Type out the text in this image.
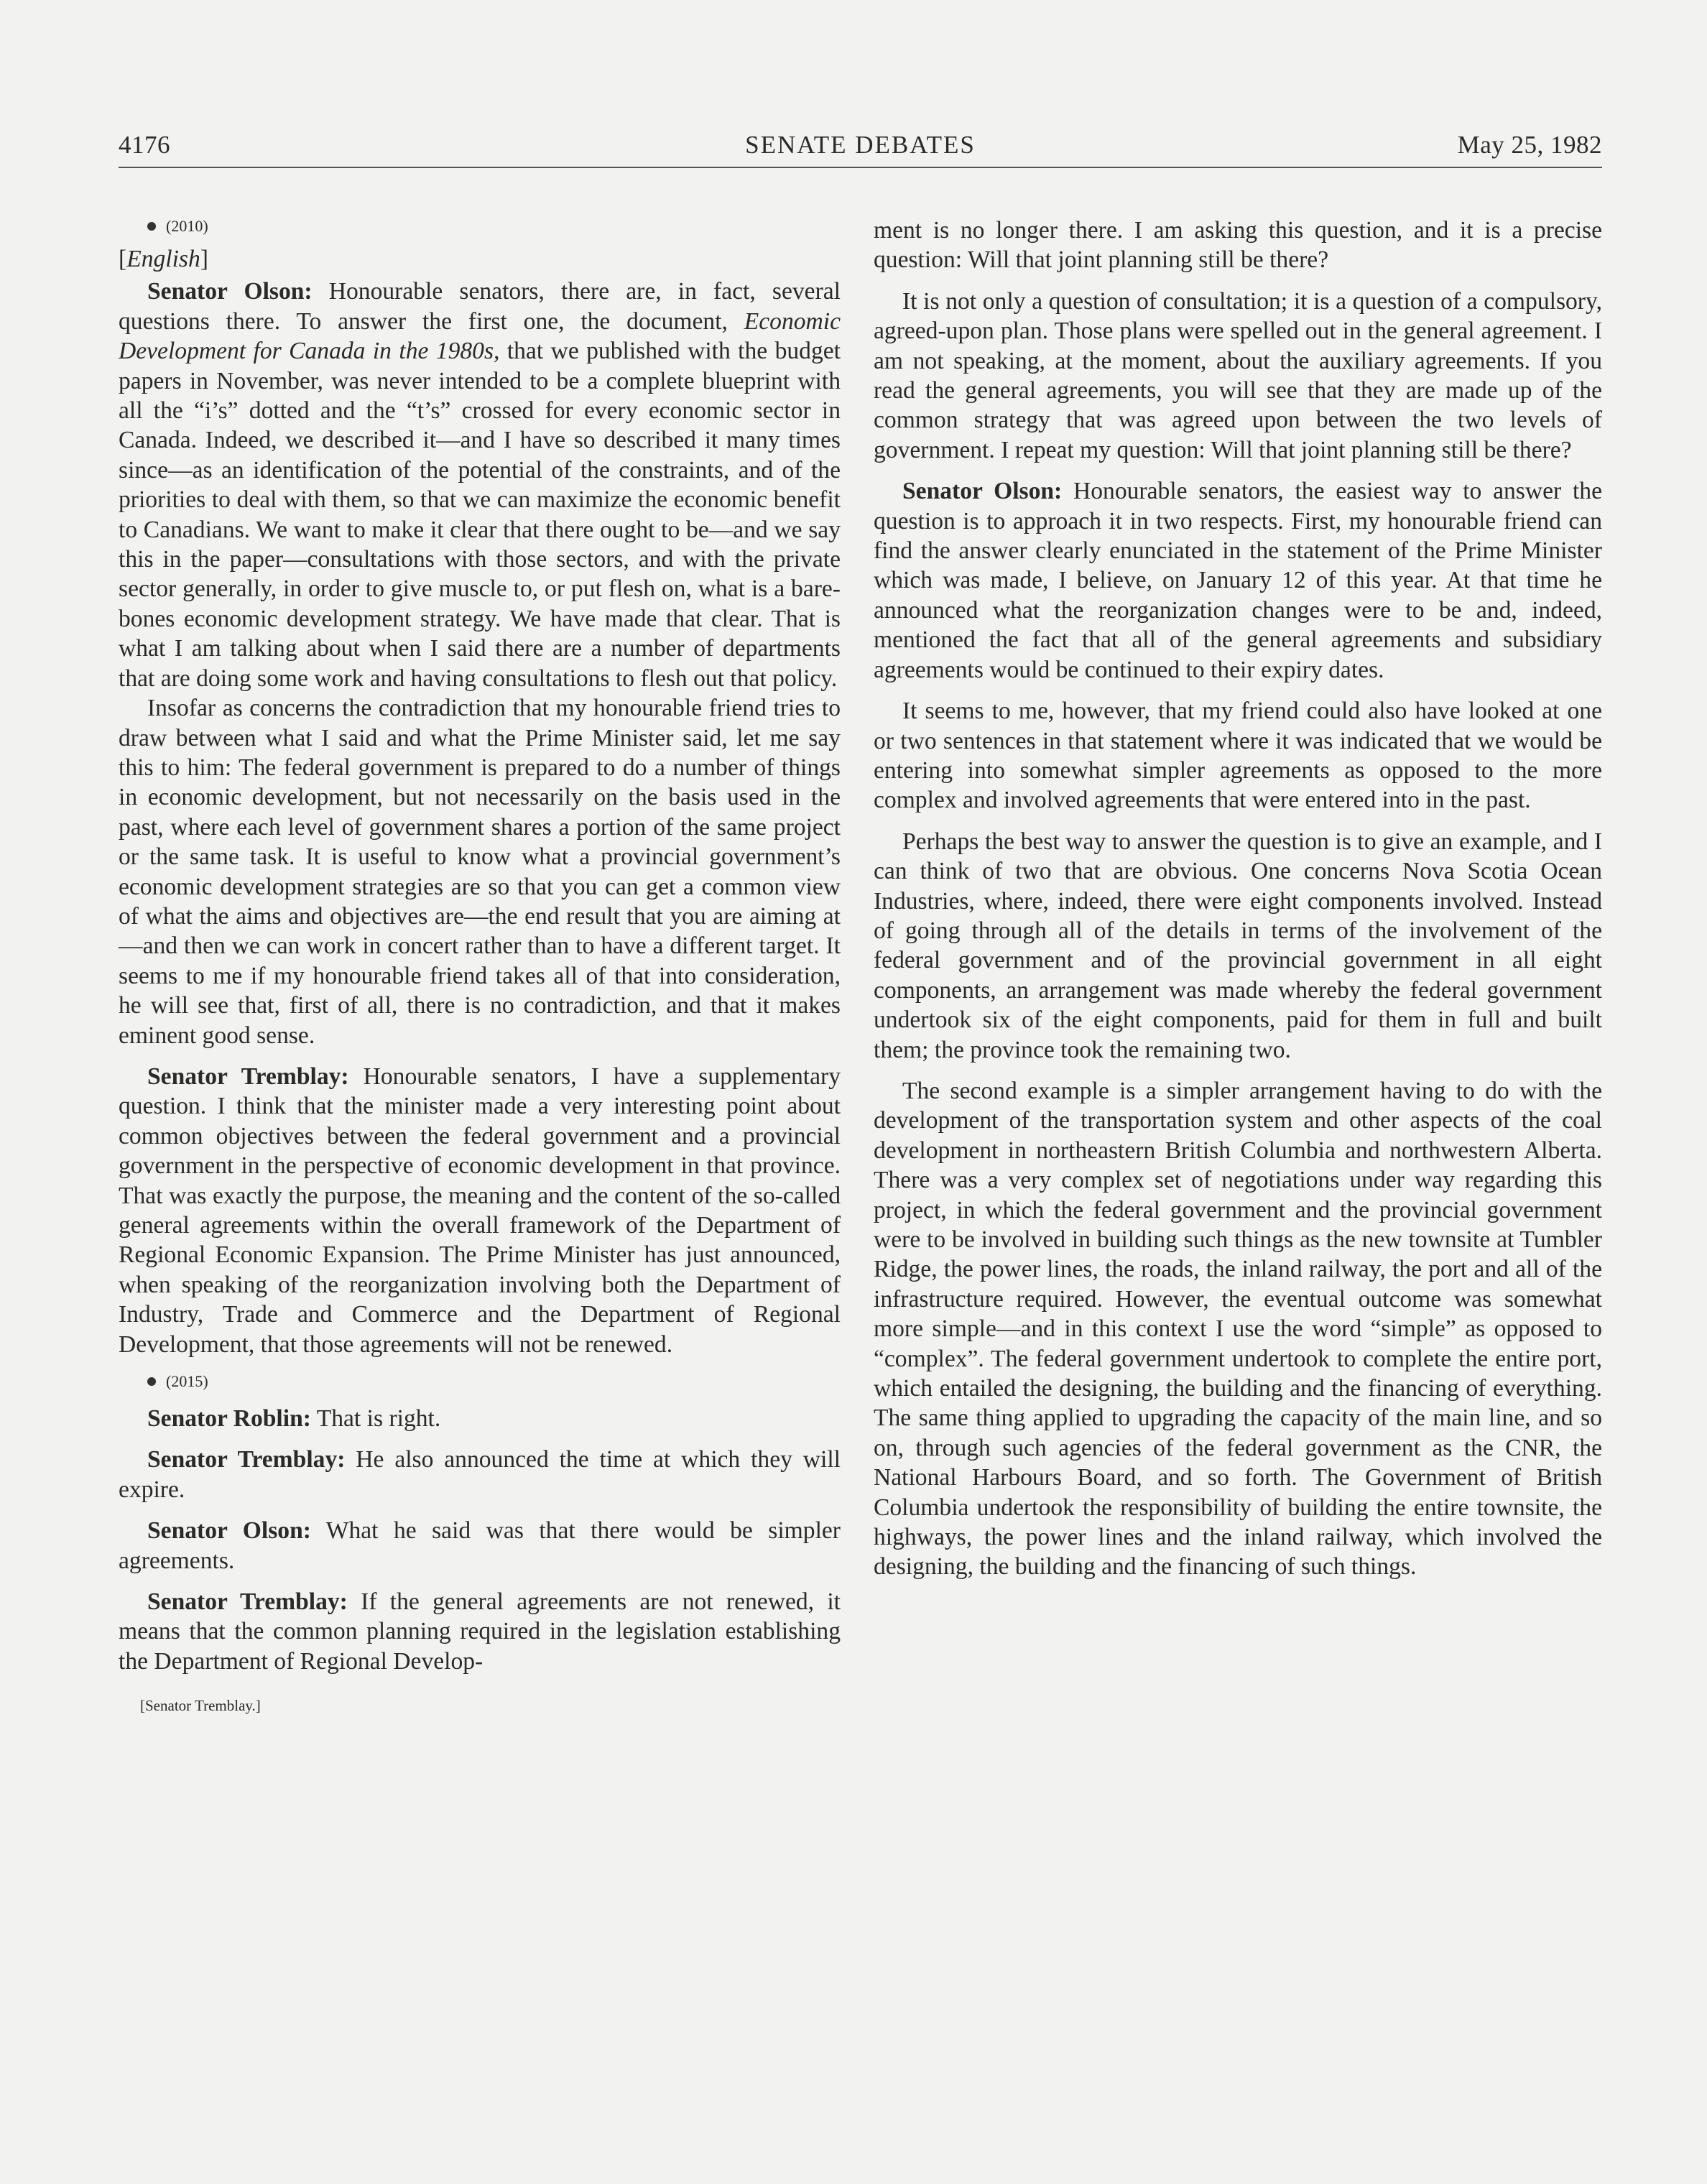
4176	SENATE DEBATES	May 25, 1982

(2010)

[English]

Senator Olson: Honourable senators, there are, in fact, several questions there. To answer the first one, the document, Economic Development for Canada in the 1980s, that we published with the budget papers in November, was never intended to be a complete blueprint with all the “i’s” dotted and the “t’s” crossed for every economic sector in Canada. Indeed, we described it—and I have so described it many times since—as an identification of the potential of the constraints, and of the priorities to deal with them, so that we can maximize the economic benefit to Canadians. We want to make it clear that there ought to be—and we say this in the paper—consultations with those sectors, and with the private sector generally, in order to give muscle to, or put flesh on, what is a bare-bones economic development strategy. We have made that clear. That is what I am talking about when I said there are a number of departments that are doing some work and having consultations to flesh out that policy.

Insofar as concerns the contradiction that my honourable friend tries to draw between what I said and what the Prime Minister said, let me say this to him: The federal government is prepared to do a number of things in economic development, but not necessarily on the basis used in the past, where each level of government shares a portion of the same project or the same task. It is useful to know what a provincial government’s economic development strategies are so that you can get a common view of what the aims and objectives are—the end result that you are aiming at—and then we can work in concert rather than to have a different target. It seems to me if my honourable friend takes all of that into consideration, he will see that, first of all, there is no contradiction, and that it makes eminent good sense.

Senator Tremblay: Honourable senators, I have a supplementary question. I think that the minister made a very interesting point about common objectives between the federal government and a provincial government in the perspective of economic development in that province. That was exactly the purpose, the meaning and the content of the so-called general agreements within the overall framework of the Department of Regional Economic Expansion. The Prime Minister has just announced, when speaking of the reorganization involving both the Department of Industry, Trade and Commerce and the Department of Regional Development, that those agreements will not be renewed.

(2015)

Senator Roblin: That is right.

Senator Tremblay: He also announced the time at which they will expire.

Senator Olson: What he said was that there would be simpler agreements.

Senator Tremblay: If the general agreements are not renewed, it means that the common planning required in the legislation establishing the Department of Regional Develop-

[Senator Tremblay.]

ment is no longer there. I am asking this question, and it is a precise question: Will that joint planning still be there?

It is not only a question of consultation; it is a question of a compulsory, agreed-upon plan. Those plans were spelled out in the general agreement. I am not speaking, at the moment, about the auxiliary agreements. If you read the general agreements, you will see that they are made up of the common strategy that was agreed upon between the two levels of government. I repeat my question: Will that joint planning still be there?

Senator Olson: Honourable senators, the easiest way to answer the question is to approach it in two respects. First, my honourable friend can find the answer clearly enunciated in the statement of the Prime Minister which was made, I believe, on January 12 of this year. At that time he announced what the reorganization changes were to be and, indeed, mentioned the fact that all of the general agreements and subsidiary agreements would be continued to their expiry dates.

It seems to me, however, that my friend could also have looked at one or two sentences in that statement where it was indicated that we would be entering into somewhat simpler agreements as opposed to the more complex and involved agreements that were entered into in the past.

Perhaps the best way to answer the question is to give an example, and I can think of two that are obvious. One concerns Nova Scotia Ocean Industries, where, indeed, there were eight components involved. Instead of going through all of the details in terms of the involvement of the federal government and of the provincial government in all eight components, an arrangement was made whereby the federal government undertook six of the eight components, paid for them in full and built them; the province took the remaining two.

The second example is a simpler arrangement having to do with the development of the transportation system and other aspects of the coal development in northeastern British Columbia and northwestern Alberta. There was a very complex set of negotiations under way regarding this project, in which the federal government and the provincial government were to be involved in building such things as the new townsite at Tumbler Ridge, the power lines, the roads, the inland railway, the port and all of the infrastructure required. However, the eventual outcome was somewhat more simple—and in this context I use the word “simple” as opposed to “complex”. The federal government undertook to complete the entire port, which entailed the designing, the building and the financing of everything. The same thing applied to upgrading the capacity of the main line, and so on, through such agencies of the federal government as the CNR, the National Harbours Board, and so forth. The Government of British Columbia undertook the responsibility of building the entire townsite, the highways, the power lines and the inland railway, which involved the designing, the building and the financing of such things.
